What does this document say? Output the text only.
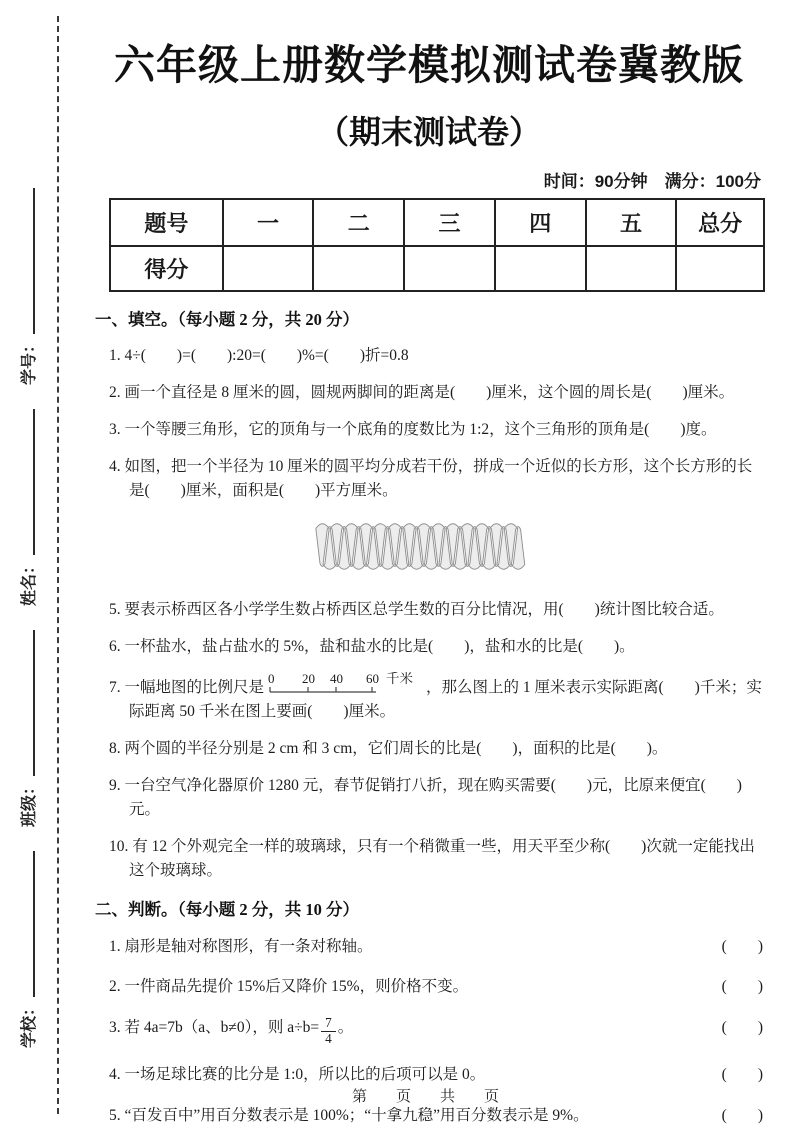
学校：
班级：
姓名：
学号：
六年级上册数学模拟测试卷冀教版
（期末测试卷）
时间：90分钟　满分：100分
题号	一	二	三	四	五	总分
得分						
一、填空。（每小题 2 分，共 20 分）

1. 4÷(　　)=(　　):20=(　　)%=(　　)折=0.8

2. 画一个直径是 8 厘米的圆，圆规两脚间的距离是(　　)厘米，这个圆的周长是(　　)厘米。

3. 一个等腰三角形，它的顶角与一个底角的度数比为 1:2，这个三角形的顶角是(　　)度。

4. 如图，把一个半径为 10 厘米的圆平均分成若干份，拼成一个近似的长方形，这个长方形的长是(　　)厘米，面积是(　　)平方厘米。

5. 要表示桥西区各小学学生数占桥西区总学生数的百分比情况，用(　　)统计图比较合适。

6. 一杯盐水，盐占盐水的 5%，盐和盐水的比是(　　)，盐和水的比是(　　)。

7. 一幅地图的比例尺是
0 20 40 60 千米
，那么图上的 1 厘米表示实际距离(　　)千米；实际距离 50 千米在图上要画(　　)厘米。

8. 两个圆的半径分别是 2 cm 和 3 cm，它们周长的比是(　　)，面积的比是(　　)。

9. 一台空气净化器原价 1280 元，春节促销打八折，现在购买需要(　　)元，比原来便宜(　　)元。

10. 有 12 个外观完全一样的玻璃球，只有一个稍微重一些，用天平至少称(　　)次就一定能找出这个玻璃球。

二、判断。（每小题 2 分，共 10 分）
1. 扇形是轴对称图形，有一条对称轴。	(　　)
2. 一件商品先提价 15%后又降价 15%，则价格不变。	(　　)
3. 若 4a=7b（a、b≠0），则 $a\div b= \frac{7}{4}$ 。	(　　)
4. 一场足球比赛的比分是 1:0，所以比的后项可以是 0。	(　　)
5. “百发百中”用百分数表示是 100%；“十拿九稳”用百分数表示是 9%。	(　　)
第　页　共　页
